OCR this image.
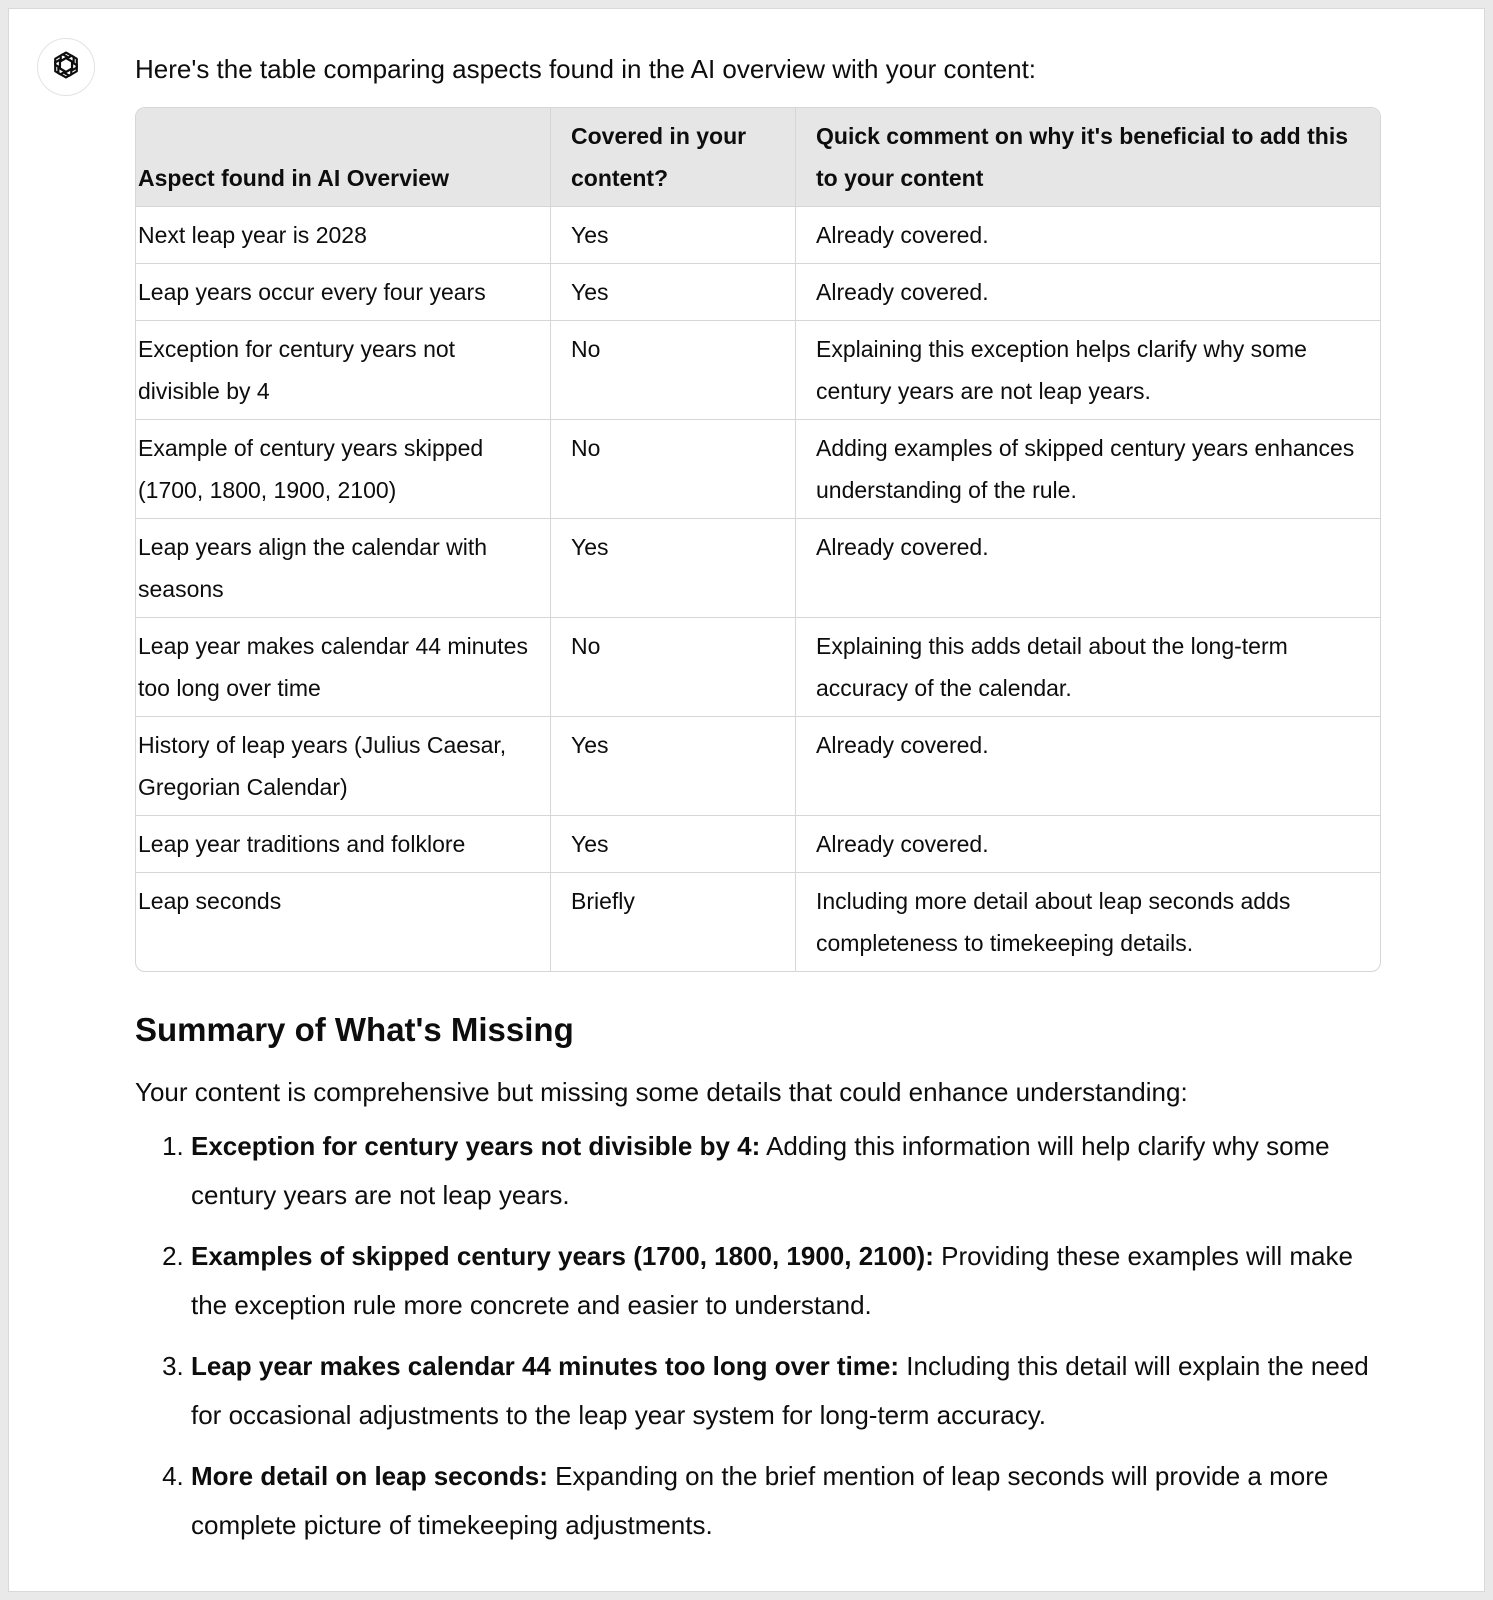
Here's the table comparing aspects found in the AI overview with your content:

Aspect found in AI Overview	Covered in your content?	Quick comment on why it's beneficial to add this to your content
Next leap year is 2028	Yes	Already covered.
Leap years occur every four years	Yes	Already covered.
Exception for century years not divisible by 4	No	Explaining this exception helps clarify why some century years are not leap years.
Example of century years skipped (1700, 1800, 1900, 2100)	No	Adding examples of skipped century years enhances understanding of the rule.
Leap years align the calendar with seasons	Yes	Already covered.
Leap year makes calendar 44 minutes too long over time	No	Explaining this adds detail about the long-term accuracy of the calendar.
History of leap years (Julius Caesar, Gregorian Calendar)	Yes	Already covered.
Leap year traditions and folklore	Yes	Already covered.
Leap seconds	Briefly	Including more detail about leap seconds adds completeness to timekeeping details.
Summary of What's Missing

Your content is comprehensive but missing some details that could enhance understanding:

1. Exception for century years not divisible by 4: Adding this information will help clarify why some century years are not leap years.
2. Examples of skipped century years (1700, 1800, 1900, 2100): Providing these examples will make the exception rule more concrete and easier to understand.
3. Leap year makes calendar 44 minutes too long over time: Including this detail will explain the need for occasional adjustments to the leap year system for long-term accuracy.
4. More detail on leap seconds: Expanding on the brief mention of leap seconds will provide a more complete picture of timekeeping adjustments.
